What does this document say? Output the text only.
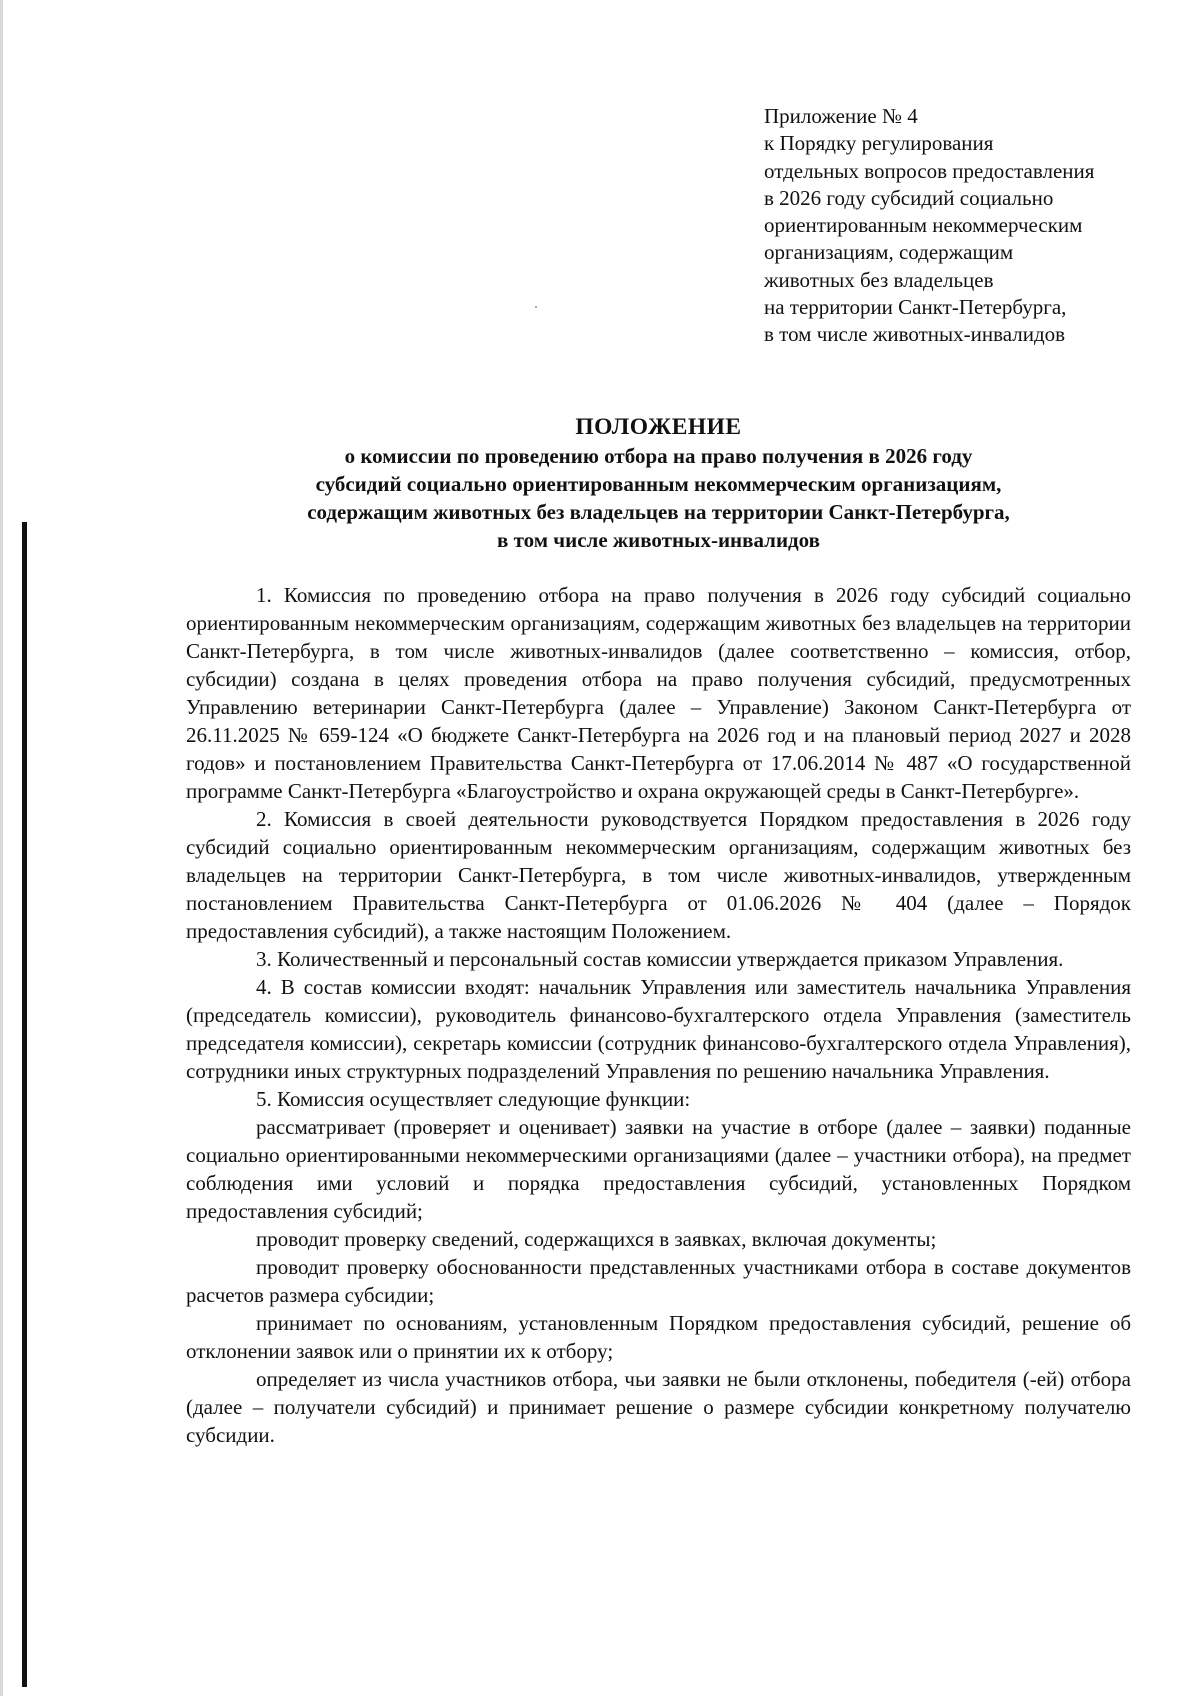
Приложение № 4
к Порядку регулирования
отдельных вопросов предоставления
в 2026 году субсидий социально
ориентированным некоммерческим
организациям, содержащим
животных без владельцев
на территории Санкт-Петербурга,
в том числе животных-инвалидов
ПОЛОЖЕНИЕ
о комиссии по проведению отбора на право получения в 2026 году
субсидий социально ориентированным некоммерческим организациям,
содержащим животных без владельцев на территории Санкт-Петербурга,
в том числе животных-инвалидов

1. Комиссия по проведению отбора на право получения в 2026 году субсидий социально ориентированным некоммерческим организациям, содержащим животных без владельцев на территории Санкт-Петербурга, в том числе животных-инвалидов (далее соответственно – комиссия, отбор, субсидии) создана в целях проведения отбора на право получения субсидий, предусмотренных Управлению ветеринарии Санкт-Петербурга (далее – Управление) Законом Санкт-Петербурга от 26.11.2025 № 659-124 «О бюджете Санкт-Петербурга на 2026 год и на плановый период 2027 и 2028 годов» и постановлением Правительства Санкт-Петербурга от 17.06.2014 № 487 «О государственной программе Санкт-Петербурга «Благоустройство и охрана окружающей среды в Санкт-Петербурге».

2. Комиссия в своей деятельности руководствуется Порядком предоставления в 2026 году субсидий социально ориентированным некоммерческим организациям, содержащим животных без владельцев на территории Санкт-Петербурга, в том числе животных-инвалидов, утвержденным постановлением Правительства Санкт-Петербурга от 01.06.2026 № 404 (далее – Порядок предоставления субсидий), а также настоящим Положением.

3. Количественный и персональный состав комиссии утверждается приказом Управления.

4. В состав комиссии входят: начальник Управления или заместитель начальника Управления (председатель комиссии), руководитель финансово-бухгалтерского отдела Управления (заместитель председателя комиссии), секретарь комиссии (сотрудник финансово-бухгалтерского отдела Управления), сотрудники иных структурных подразделений Управления по решению начальника Управления.

5. Комиссия осуществляет следующие функции:

рассматривает (проверяет и оценивает) заявки на участие в отборе (далее – заявки) поданные социально ориентированными некоммерческими организациями (далее – участники отбора), на предмет соблюдения ими условий и порядка предоставления субсидий, установленных Порядком предоставления субсидий;

проводит проверку сведений, содержащихся в заявках, включая документы;

проводит проверку обоснованности представленных участниками отбора в составе документов расчетов размера субсидии;

принимает по основаниям, установленным Порядком предоставления субсидий, решение об отклонении заявок или о принятии их к отбору;

определяет из числа участников отбора, чьи заявки не были отклонены, победителя (-ей) отбора (далее – получатели субсидий) и принимает решение о размере субсидии конкретному получателю субсидии.
